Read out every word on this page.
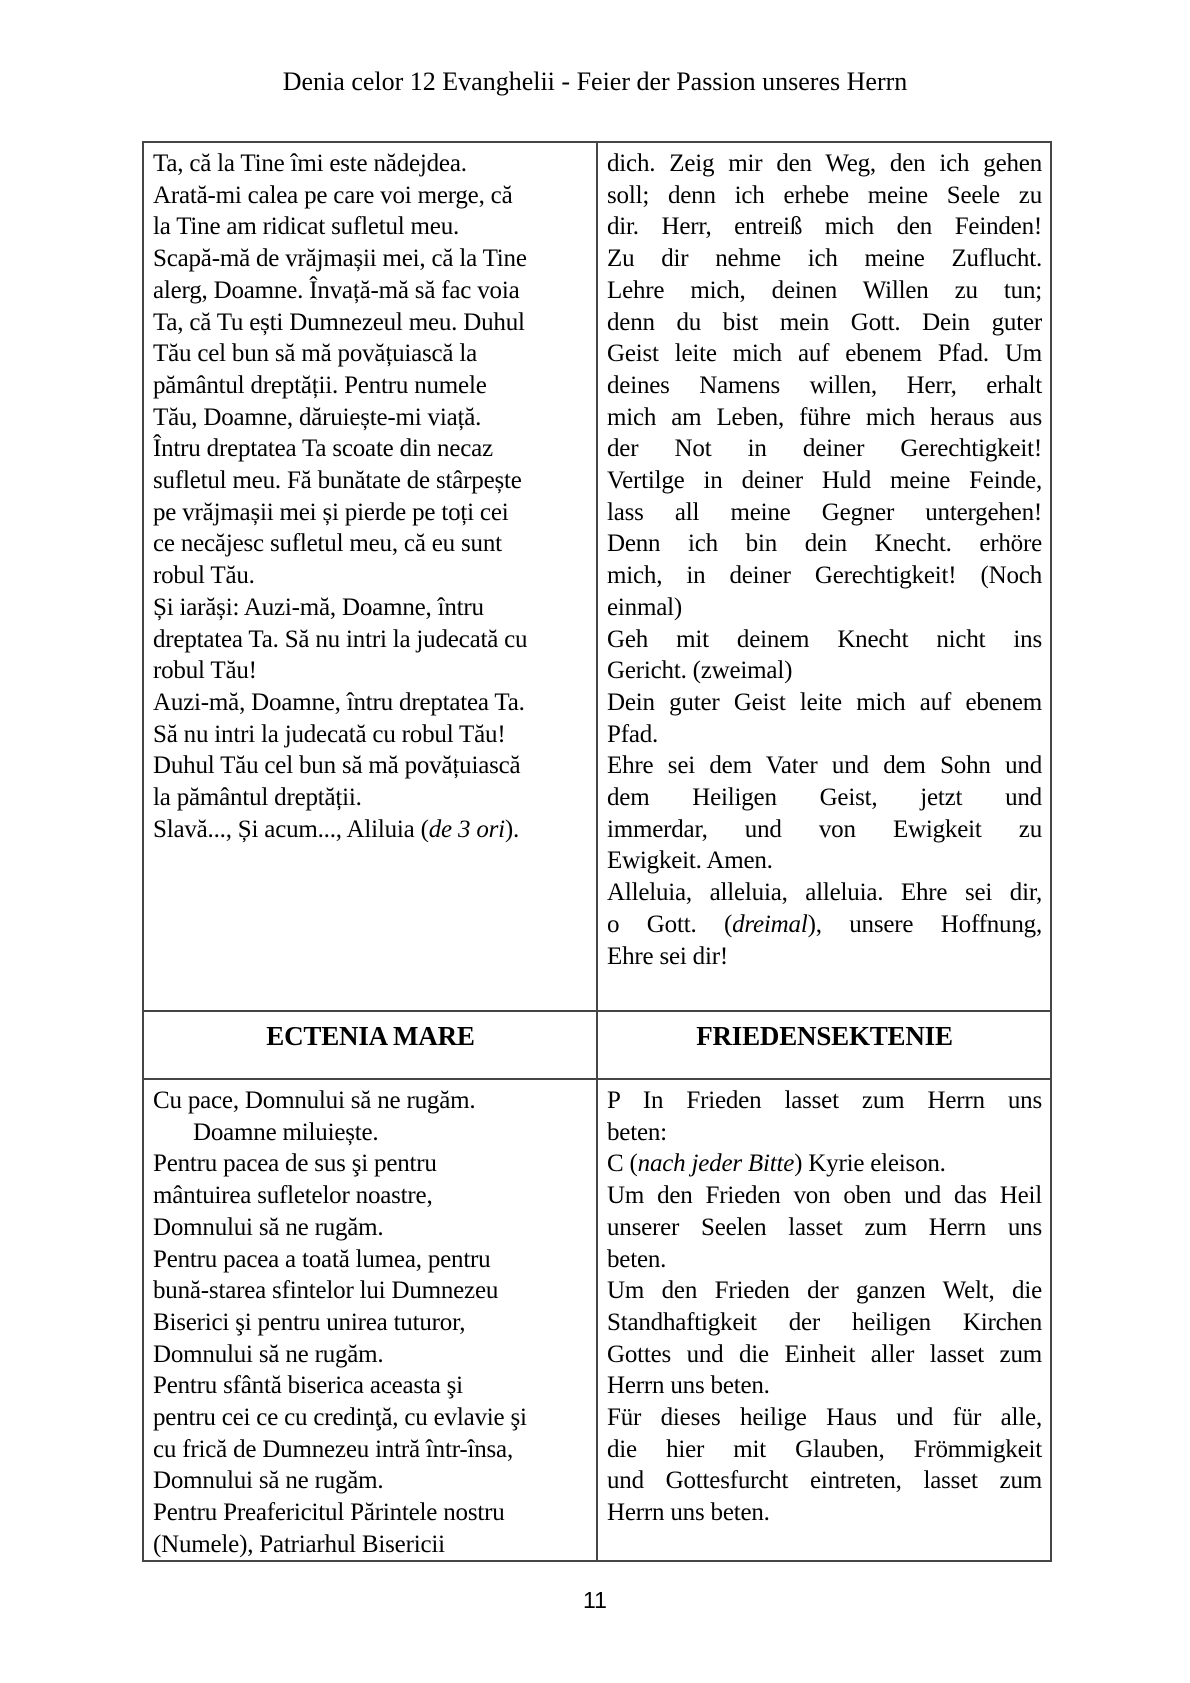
Denia celor 12 Evanghelii - Feier der Passion unseres Herrn
Ta, că la Tine îmi este nădejdea.
Arată-mi calea pe care voi merge, că
la Tine am ridicat sufletul meu.
Scapă-mă de vrăjmașii mei, că la Tine
alerg, Doamne. Învață-mă să fac voia
Ta, că Tu ești Dumnezeul meu. Duhul
Tău cel bun să mă povățuiască la
pământul dreptății. Pentru numele
Tău, Doamne, dăruiește-mi viață.
Întru dreptatea Ta scoate din necaz
sufletul meu. Fă bunătate de stârpește
pe vrăjmașii mei și pierde pe toți cei
ce necăjesc sufletul meu, că eu sunt
robul Tău.
Și iarăși: Auzi-mă, Doamne, întru
dreptatea Ta. Să nu intri la judecată cu
robul Tău!
Auzi-mă, Doamne, întru dreptatea Ta.
Să nu intri la judecată cu robul Tău!
Duhul Tău cel bun să mă povățuiască
la pământul dreptății.
Slavă..., Și acum..., Aliluia (de 3 ori).
dich. Zeig mir den Weg, den ich gehen
soll; denn ich erhebe meine Seele zu
dir. Herr, entreiß mich den Feinden!
Zu dir nehme ich meine Zuflucht.
Lehre mich, deinen Willen zu tun;
denn du bist mein Gott. Dein guter
Geist leite mich auf ebenem Pfad. Um
deines Namens willen, Herr, erhalt
mich am Leben, führe mich heraus aus
der Not in deiner Gerechtigkeit!
Vertilge in deiner Huld meine Feinde,
lass all meine Gegner untergehen!
Denn ich bin dein Knecht. erhöre
mich, in deiner Gerechtigkeit! (Noch
einmal)
Geh mit deinem Knecht nicht ins
Gericht. (zweimal)
Dein guter Geist leite mich auf ebenem
Pfad.
Ehre sei dem Vater und dem Sohn und
dem Heiligen Geist, jetzt und
immerdar, und von Ewigkeit zu
Ewigkeit. Amen.
Alleluia, alleluia, alleluia. Ehre sei dir,
o Gott. (dreimal), unsere Hoffnung,
Ehre sei dir!
ECTENIA MARE	FRIEDENSEKTENIE
Cu pace, Domnului să ne rugăm.
Doamne miluiește.
Pentru pacea de sus şi pentru
mântuirea sufletelor noastre,
Domnului să ne rugăm.
Pentru pacea a toată lumea, pentru
bună-starea sfintelor lui Dumnezeu
Biserici şi pentru unirea tuturor,
Domnului să ne rugăm.
Pentru sfântă biserica aceasta şi
pentru cei ce cu credinţă, cu evlavie şi
cu frică de Dumnezeu intră într-însa,
Domnului să ne rugăm.
Pentru Preafericitul Părintele nostru
(Numele), Patriarhul Bisericii
P In Frieden lasset zum Herrn uns
beten:
C (nach jeder Bitte) Kyrie eleison.
Um den Frieden von oben und das Heil
unserer Seelen lasset zum Herrn uns
beten.
Um den Frieden der ganzen Welt, die
Standhaftigkeit der heiligen Kirchen
Gottes und die Einheit aller lasset zum
Herrn uns beten.
Für dieses heilige Haus und für alle,
die hier mit Glauben, Frömmigkeit
und Gottesfurcht eintreten, lasset zum
Herrn uns beten.
11
